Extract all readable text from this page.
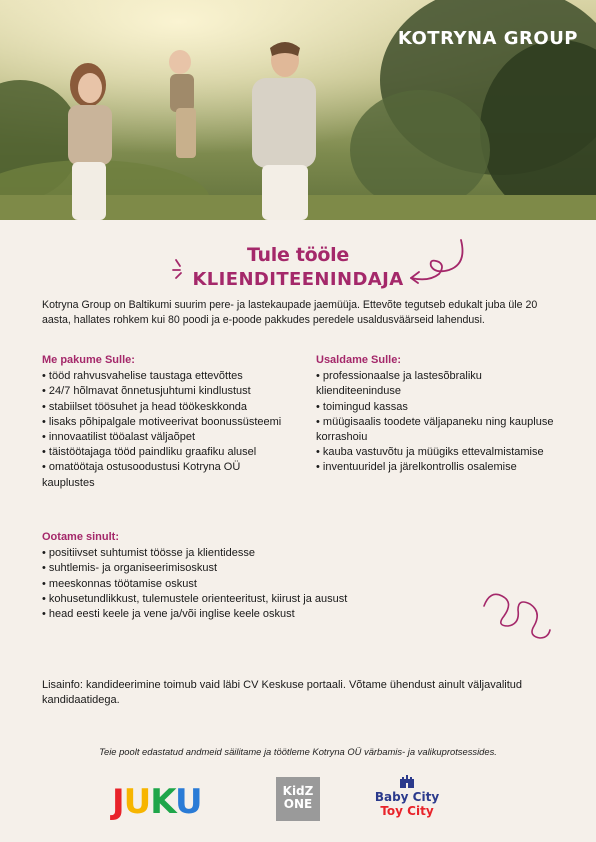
KOTRYNA GROUP
Tule tööle
KLIENDITEENINDAJA
Kotryna Group on Baltikumi suurim pere- ja lastekaupade jaemüüja. Ettevõte tegutseb edukalt juba üle 20 aasta, hallates rohkem kui 80 poodi ja e-poode pakkudes peredele usaldusväärseid lahendusi.
Me pakume Sulle:
• tööd rahvusvahelise taustaga ettevõttes
• 24/7 hõlmavat õnnetusjuhtumi kindlustust
• stabiilset töösuhet ja head töökeskkonda
• lisaks põhipalgale motiveerivat boonussüsteemi
• innovaatilist tööalast väljaõpet
• täistöötajaga tööd paindliku graafiku alusel
• omatöötaja ostusoodustusi Kotryna OÜ kauplustes
Usaldame Sulle:
• professionaalse ja lastesõbraliku klienditeeninduse
• toimingud kassas
• müügisaalis toodete väljapaneku ning kaupluse korrashoiu
• kauba vastuvõtu ja müügiks ettevalmistamise
• inventuuridel ja järelkontrollis osalemise
Ootame sinult:
• positiivset suhtumist töösse ja klientidesse
• suhtlemis- ja organiseerimisoskust
• meeskonnas töötamise oskust
• kohusetundlikkust, tulemustele orienteeritust, kiirust ja ausust
• head eesti keele ja vene ja/või inglise keele oskust
Lisainfo: kandideerimine toimub vaid läbi CV Keskuse portaali. Võtame ühendust ainult väljavalitud kandidaatidega.
Teie poolt edastatud andmeid säilitame ja töötleme Kotryna OÜ värbamis- ja valikuprotsessides.
JUKU	KidZ
ONE	Baby City
Toy City
